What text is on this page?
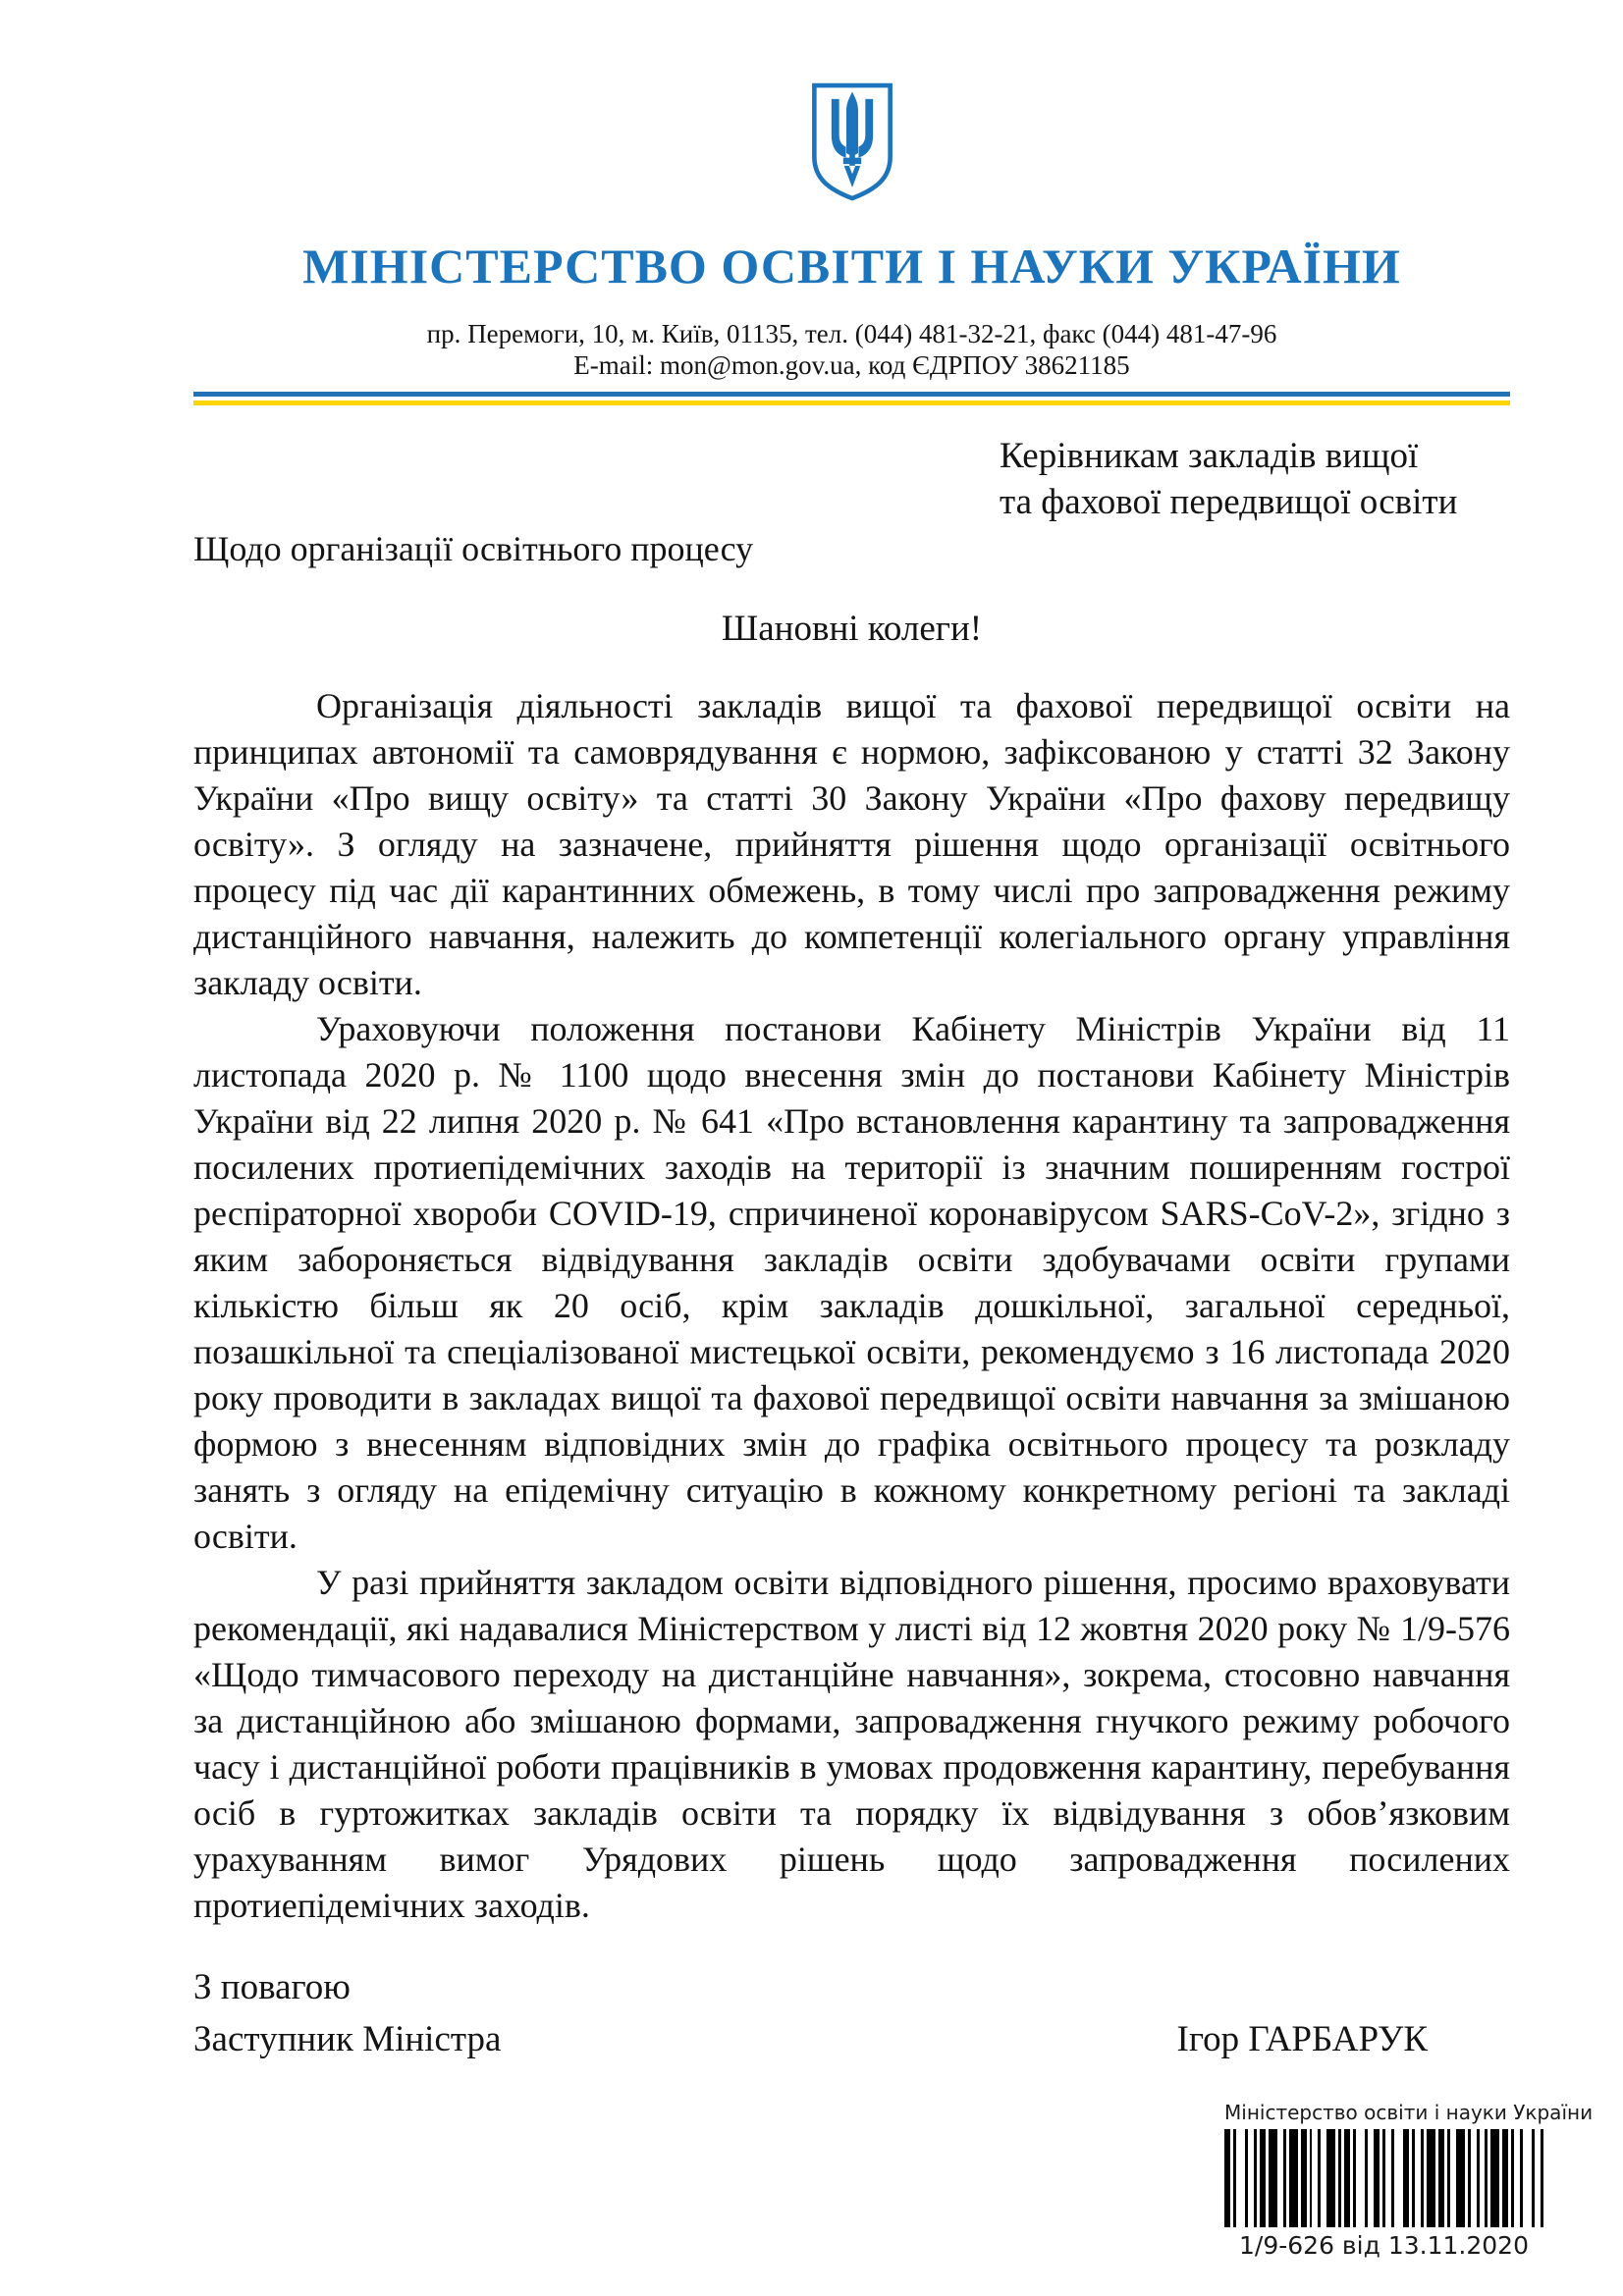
МІНІСТЕРСТВО ОСВІТИ І НАУКИ УКРАЇНИ
пр. Перемоги, 10, м. Київ, 01135, тел. (044) 481-32-21, факс (044) 481-47-96
E-mail: mon@mon.gov.ua, код ЄДРПОУ 38621185
Керівникам закладів вищої
та фахової передвищої освіти
Щодо організації освітнього процесу
Шановні колеги!

Організація діяльності закладів вищої та фахової передвищої освіти на принципах автономії та самоврядування є нормою, зафіксованою у статті 32 Закону України «Про вищу освіту» та статті 30 Закону України «Про фахову передвищу освіту». З огляду на зазначене, прийняття рішення щодо організації освітнього процесу під час дії карантинних обмежень, в тому числі про запровадження режиму дистанційного навчання, належить до компетенції колегіального органу управління закладу освіти.

Ураховуючи положення постанови Кабінету Міністрів України від 11 листопада 2020 р. № 1100 щодо внесення змін до постанови Кабінету Міністрів України від 22 липня 2020 р. № 641 «Про встановлення карантину та запровадження посилених протиепідемічних заходів на території із значним поширенням гострої респіраторної хвороби COVID-19, спричиненої коронавірусом SARS-CoV-2», згідно з яким забороняється відвідування закладів освіти здобувачами освіти групами кількістю більш як 20 осіб, крім закладів дошкільної, загальної середньої, позашкільної та спеціалізованої мистецької освіти, рекомендуємо з 16 листопада 2020 року проводити в закладах вищої та фахової передвищої освіти навчання за змішаною формою з внесенням відповідних змін до графіка освітнього процесу та розкладу занять з огляду на епідемічну ситуацію в кожному конкретному регіоні та закладі освіти.

У разі прийняття закладом освіти відповідного рішення, просимо враховувати рекомендації, які надавалися Міністерством у листі від 12 жовтня 2020 року № 1/9-576 «Щодо тимчасового переходу на дистанційне навчання», зокрема, стосовно навчання за дистанційною або змішаною формами, запровадження гнучкого режиму робочого часу і дистанційної роботи працівників в умовах продовження карантину, перебування осіб в гуртожитках закладів освіти та порядку їх відвідування з обов’язковим урахуванням вимог Урядових рішень щодо запровадження посилених протиепідемічних заходів.

З повагою
Заступник Міністра	Ігор ГАРБАРУК
Міністерство освіти і науки України
1/9-626 від 13.11.2020
